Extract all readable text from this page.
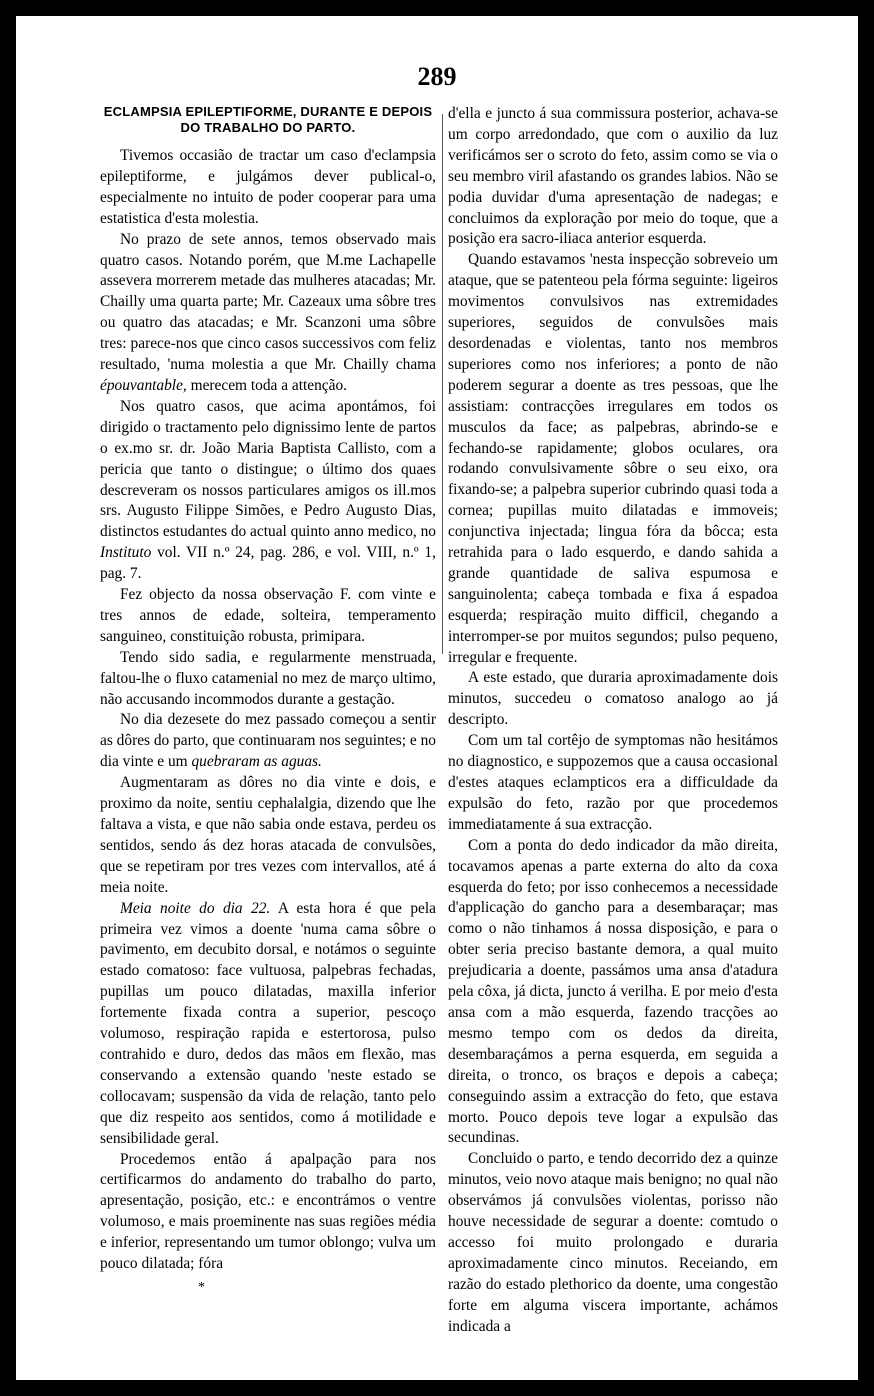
289
ECLAMPSIA EPILEPTIFORME, DURANTE E DEPOIS
DO TRABALHO DO PARTO.

Tivemos occasião de tractar um caso d'eclampsia epileptiforme, e julgámos dever publical-o, especialmente no intuito de poder cooperar para uma estatistica d'esta molestia.

No prazo de sete annos, temos observado mais quatro casos. Notando porém, que M.me Lachapelle assevera morrerem metade das mulheres atacadas; Mr. Chailly uma quarta parte; Mr. Cazeaux uma sôbre tres ou quatro das atacadas; e Mr. Scanzoni uma sôbre tres: parece-nos que cinco casos successivos com feliz resultado, 'numa molestia a que Mr. Chailly chama épouvantable, merecem toda a attenção.

Nos quatro casos, que acima apontámos, foi dirigido o tractamento pelo dignissimo lente de partos o ex.mo sr. dr. João Maria Baptista Callisto, com a pericia que tanto o distingue; o último dos quaes descreveram os nossos particulares amigos os ill.mos srs. Augusto Filippe Simões, e Pedro Augusto Dias, distinctos estudantes do actual quinto anno medico, no Instituto vol. VII n.º 24, pag. 286, e vol. VIII, n.º 1, pag. 7.

Fez objecto da nossa observação F. com vinte e tres annos de edade, solteira, temperamento sanguineo, constituição robusta, primipara.

Tendo sido sadia, e regularmente menstruada, faltou-lhe o fluxo catamenial no mez de março ultimo, não accusando incommodos durante a gestação.

No dia dezesete do mez passado começou a sentir as dôres do parto, que continuaram nos seguintes; e no dia vinte e um quebraram as aguas.

Augmentaram as dôres no dia vinte e dois, e proximo da noite, sentiu cephalalgia, dizendo que lhe faltava a vista, e que não sabia onde estava, perdeu os sentidos, sendo ás dez horas atacada de convulsões, que se repetiram por tres vezes com intervallos, até á meia noite.

Meia noite do dia 22. A esta hora é que pela primeira vez vimos a doente 'numa cama sôbre o pavimento, em decubito dorsal, e notámos o seguinte estado comatoso: face vultuosa, palpebras fechadas, pupillas um pouco dilatadas, maxilla inferior fortemente fixada contra a superior, pescoço volumoso, respiração rapida e estertorosa, pulso contrahido e duro, dedos das mãos em flexão, mas conservando a extensão quando 'neste estado se collocavam; suspensão da vida de relação, tanto pelo que diz respeito aos sentidos, como á motilidade e sensibilidade geral.

Procedemos então á apalpação para nos certificarmos do andamento do trabalho do parto, apresentação, posição, etc.: e encontrámos o ventre volumoso, e mais proeminente nas suas regiões média e inferior, representando um tumor oblongo; vulva um pouco dilatada; fóra

d'ella e juncto á sua commissura posterior, achava-se um corpo arredondado, que com o auxilio da luz verificámos ser o scroto do feto, assim como se via o seu membro viril afastando os grandes labios. Não se podia duvidar d'uma apresentação de nadegas; e concluimos da exploração por meio do toque, que a posição era sacro-iliaca anterior esquerda.

Quando estavamos 'nesta inspecção sobreveio um ataque, que se patenteou pela fórma seguinte: ligeiros movimentos convulsivos nas extremidades superiores, seguidos de convulsões mais desordenadas e violentas, tanto nos membros superiores como nos inferiores; a ponto de não poderem segurar a doente as tres pessoas, que lhe assistiam: contracções irregulares em todos os musculos da face; as palpebras, abrindo-se e fechando-se rapidamente; globos oculares, ora rodando convulsivamente sôbre o seu eixo, ora fixando-se; a palpebra superior cubrindo quasi toda a cornea; pupillas muito dilatadas e immoveis; conjunctiva injectada; lingua fóra da bôcca; esta retrahida para o lado esquerdo, e dando sahida a grande quantidade de saliva espumosa e sanguinolenta; cabeça tombada e fixa á espadoa esquerda; respiração muito difficil, chegando a interromper-se por muitos segundos; pulso pequeno, irregular e frequente.

A este estado, que duraria aproximadamente dois minutos, succedeu o comatoso analogo ao já descripto.

Com um tal cortêjo de symptomas não hesitámos no diagnostico, e suppozemos que a causa occasional d'estes ataques eclampticos era a difficuldade da expulsão do feto, razão por que procedemos immediatamente á sua extracção.

Com a ponta do dedo indicador da mão direita, tocavamos apenas a parte externa do alto da coxa esquerda do feto; por isso conhecemos a necessidade d'applicação do gancho para a desembaraçar; mas como o não tinhamos á nossa disposição, e para o obter seria preciso bastante demora, a qual muito prejudicaria a doente, passámos uma ansa d'atadura pela côxa, já dicta, juncto á verilha. E por meio d'esta ansa com a mão esquerda, fazendo tracções ao mesmo tempo com os dedos da direita, desembaraçámos a perna esquerda, em seguida a direita, o tronco, os braços e depois a cabeça; conseguindo assim a extracção do feto, que estava morto. Pouco depois teve logar a expulsão das secundinas.

Concluido o parto, e tendo decorrido dez a quinze minutos, veio novo ataque mais benigno; no qual não observámos já convulsões violentas, porisso não houve necessidade de segurar a doente: comtudo o accesso foi muito prolongado e duraria aproximadamente cinco minutos. Receiando, em razão do estado plethorico da doente, uma congestão forte em alguma viscera importante, achámos indicada a

*
